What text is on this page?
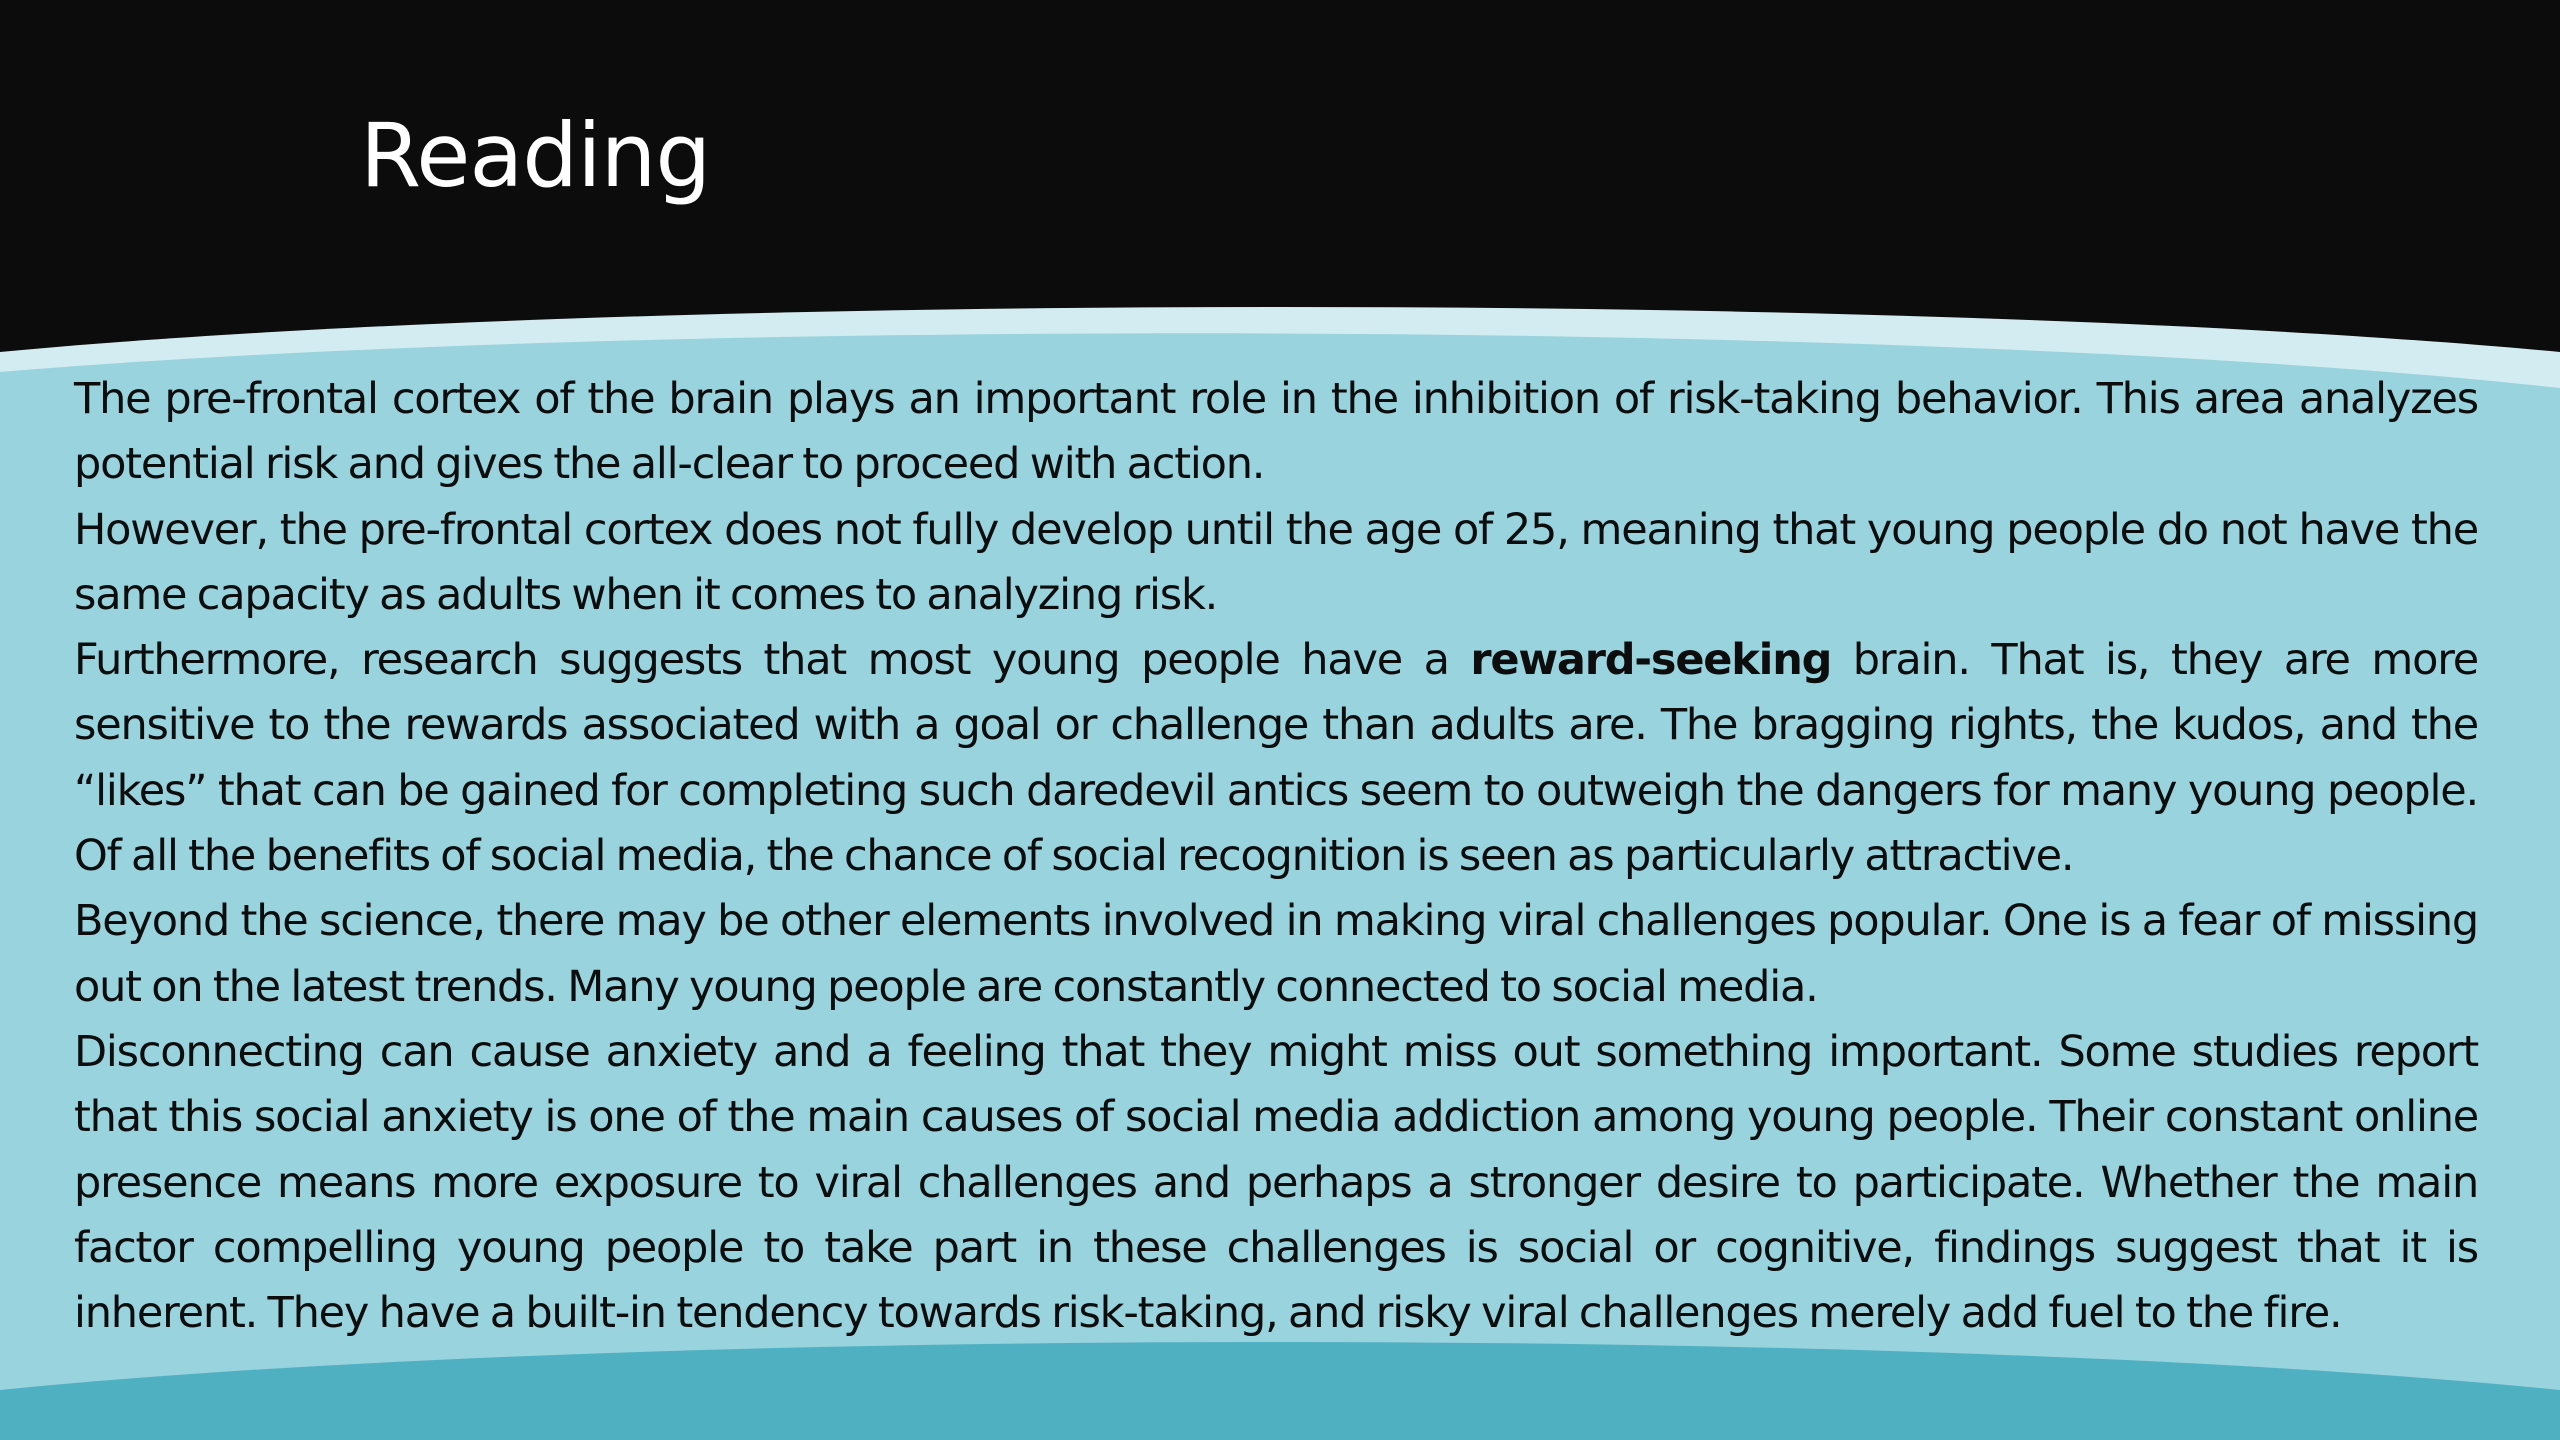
Reading

The pre-frontal cortex of the brain plays an important role in the inhibition of risk-taking behavior. This area analyzes potential risk and gives the all-clear to proceed with action.

However, the pre-frontal cortex does not fully develop until the age of 25, meaning that young people do not have the same capacity as adults when it comes to analyzing risk.

Furthermore, research suggests that most young people have a reward-seeking brain. That is, they are more sensitive to the rewards associated with a goal or challenge than adults are. The bragging rights, the kudos, and the “likes” that can be gained for completing such daredevil antics seem to outweigh the dangers for many young people. Of all the benefits of social media, the chance of social recognition is seen as particularly attractive.

Beyond the science, there may be other elements involved in making viral challenges popular. One is a fear of missing out on the latest trends. Many young people are constantly connected to social media.

Disconnecting can cause anxiety and a feeling that they might miss out something important. Some studies report that this social anxiety is one of the main causes of social media addiction among young people. Their constant online presence means more exposure to viral challenges and perhaps a stronger desire to participate. Whether the main factor compelling young people to take part in these challenges is social or cognitive, findings suggest that it is inherent. They have a built-in tendency towards risk-taking, and risky viral challenges merely add fuel to the fire.
